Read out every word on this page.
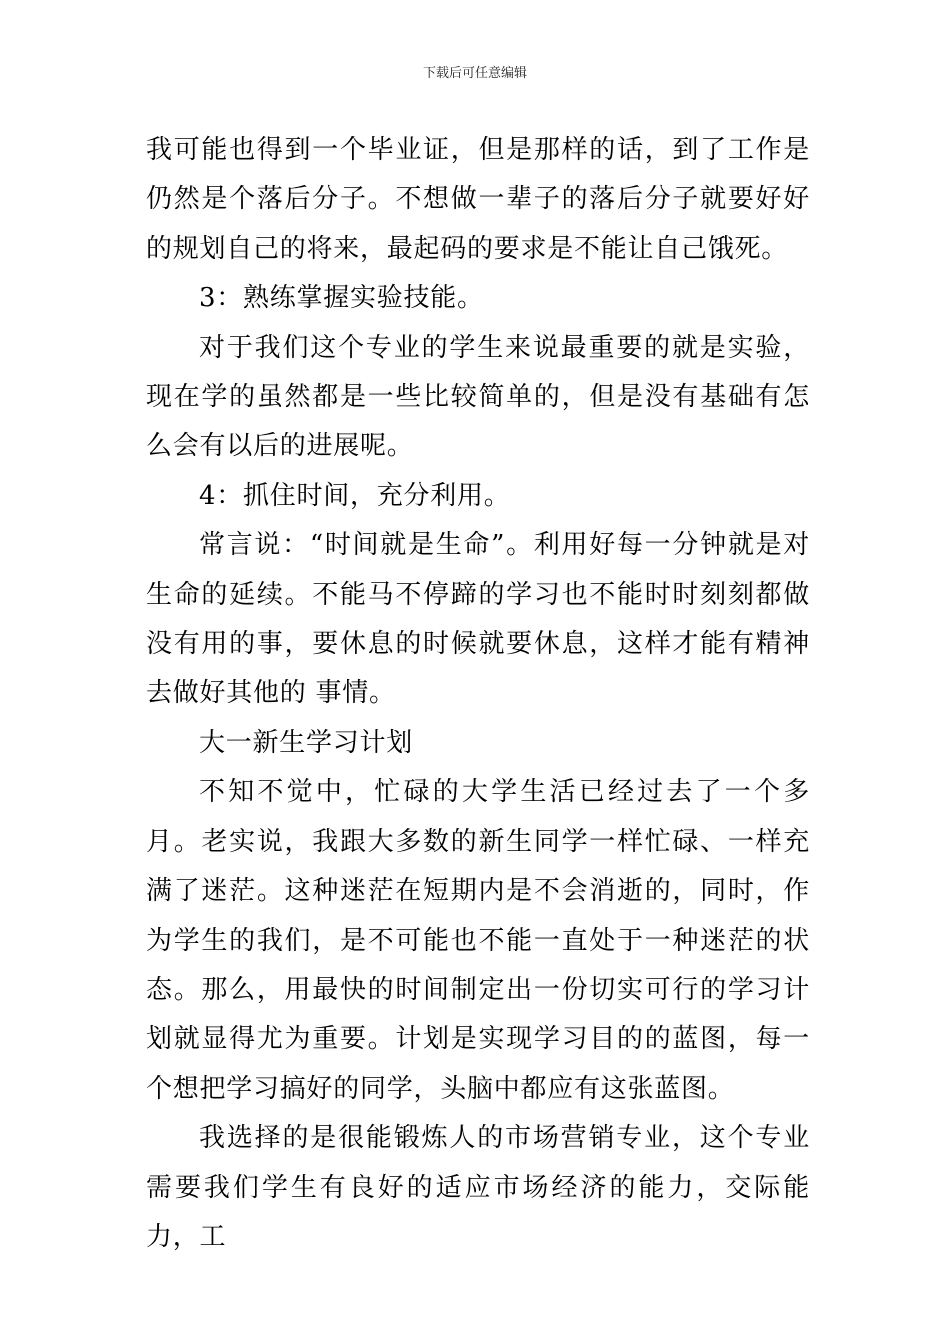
下载后可任意编辑

我可能也得到一个毕业证，但是那样的话，到了工作是仍然是个落后分子。不想做一辈子的落后分子就要好好的规划自己的将来，最起码的要求是不能让自己饿死。

3：熟练掌握实验技能。

对于我们这个专业的学生来说最重要的就是实验，现在学的虽然都是一些比较简单的，但是没有基础有怎么会有以后的进展呢。

4：抓住时间，充分利用。

常言说：“时间就是生命”。利用好每一分钟就是对生命的延续。不能马不停蹄的学习也不能时时刻刻都做没有用的事，要休息的时候就要休息，这样才能有精神去做好其他的 事情。

大一新生学习计划

不知不觉中，忙碌的大学生活已经过去了一个多月。老实说，我跟大多数的新生同学一样忙碌、一样充满了迷茫。这种迷茫在短期内是不会消逝的，同时，作为学生的我们，是不可能也不能一直处于一种迷茫的状态。那么，用最快的时间制定出一份切实可行的学习计划就显得尤为重要。计划是实现学习目的的蓝图，每一个想把学习搞好的同学，头脑中都应有这张蓝图。

我选择的是很能锻炼人的市场营销专业，这个专业需要我们学生有良好的适应市场经济的能力，交际能力，工
